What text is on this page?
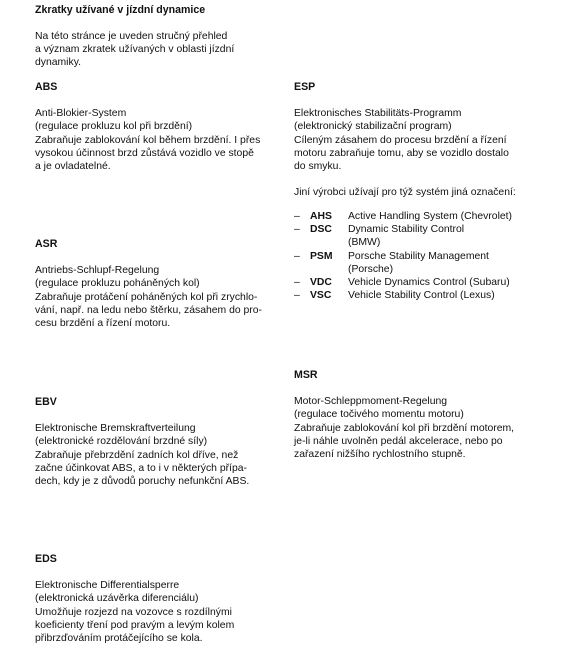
Zkratky užívané v jízdní dynamice
Na této stránce je uveden stručný přehled
a význam zkratek užívaných v oblasti jízdní
dynamiky.
ABS
Anti-Blokier-System
(regulace prokluzu kol při brzdění)
Zabraňuje zablokování kol během brzdění. I přes
vysokou účinnost brzd zůstává vozidlo ve stopě
a je ovladatelné.
ASR
Antriebs-Schlupf-Regelung
(regulace prokluzu poháněných kol)
Zabraňuje protáčení poháněných kol při zrychlo-
vání, např. na ledu nebo štěrku, zásahem do pro-
cesu brzdění a řízení motoru.
EBV
Elektronische Bremskraftverteilung
(elektronické rozdělování brzdné síly)
Zabraňuje přebrzdění zadních kol dříve, než
začne účinkovat ABS, a to i v některých přípa-
dech, kdy je z důvodů poruchy nefunkční ABS.
EDS
Elektronische Differentialsperre
(elektronická uzávěrka diferenciálu)
Umožňuje rozjezd na vozovce s rozdílnými
koeficienty tření pod pravým a levým kolem
přibrzďováním protáčejícího se kola.
ESP
Elektronisches Stabilitäts-Programm
(elektronický stabilizační program)
Cíleným zásahem do procesu brzdění a řízení
motoru zabraňuje tomu, aby se vozidlo dostalo
do smyku.
Jiní výrobci užívají pro týž systém jiná označení:
– AHS	Active Handling System (Chevrolet)
– DSC	Dynamic Stability Control
(BMW)
– PSM	Porsche Stability Management
(Porsche)
– VDC	Vehicle Dynamics Control (Subaru)
– VSC	Vehicle Stability Control (Lexus)
MSR
Motor-Schleppmoment-Regelung
(regulace točivého momentu motoru)
Zabraňuje zablokování kol při brzdění motorem,
je-li náhle uvolněn pedál akcelerace, nebo po
zařazení nižšího rychlostního stupně.
